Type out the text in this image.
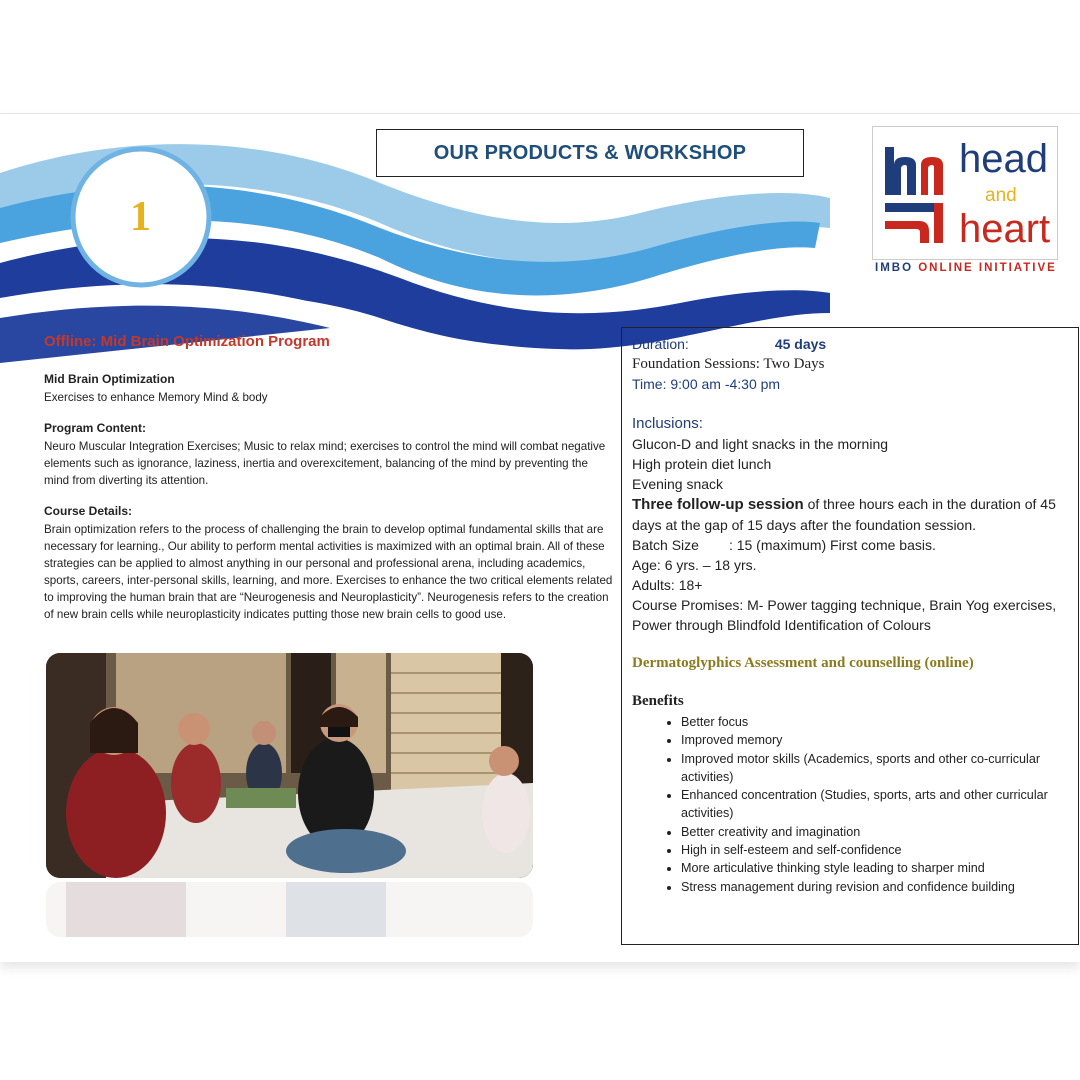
1
OUR PRODUCTS & WORKSHOP	head
and
heart
IMBO ONLINE INITIATIVE
Offline: Mid Brain Optimization Program
Mid Brain Optimization

Exercises to enhance Memory Mind & body

Program Content:

Neuro Muscular Integration Exercises; Music to relax mind; exercises to control the mind will combat negative elements such as ignorance, laziness, inertia and overexcitement, balancing of the mind by preventing the mind from diverting its attention.

Course Details:

Brain optimization refers to the process of challenging the brain to develop optimal fundamental skills that are necessary for learning., Our ability to perform mental activities is maximized with an optimal brain. All of these strategies can be applied to almost anything in our personal and professional arena, including academics, sports, careers, inter-personal skills, learning, and more. Exercises to enhance the two critical elements related to improving the human brain that are “Neurogenesis and Neuroplasticity”. Neurogenesis refers to the creation of new brain cells while neuroplasticity indicates putting those new brain cells to good use.

Duration:	45 days
Foundation Sessions: Two Days
Time: 9:00 am -4:30 pm
Inclusions:
Glucon-D and light snacks in the morning
High protein diet lunch
Evening snack
Three follow-up session of three hours each in the duration of 45 days at the gap of 15 days after the foundation session.
Batch Size : 15 (maximum) First come basis.
Age: 6 yrs. – 18 yrs.
Adults: 18+
Course Promises: M- Power tagging technique, Brain Yog exercises, Power through Blindfold Identification of Colours
Dermatoglyphics Assessment and counselling (online)
Benefits
• Better focus
• Improved memory
• Improved motor skills (Academics, sports and other co-curricular activities)
• Enhanced concentration (Studies, sports, arts and other curricular activities)
• Better creativity and imagination
• High in self-esteem and self-confidence
• More articulative thinking style leading to sharper mind
• Stress management during revision and confidence building
